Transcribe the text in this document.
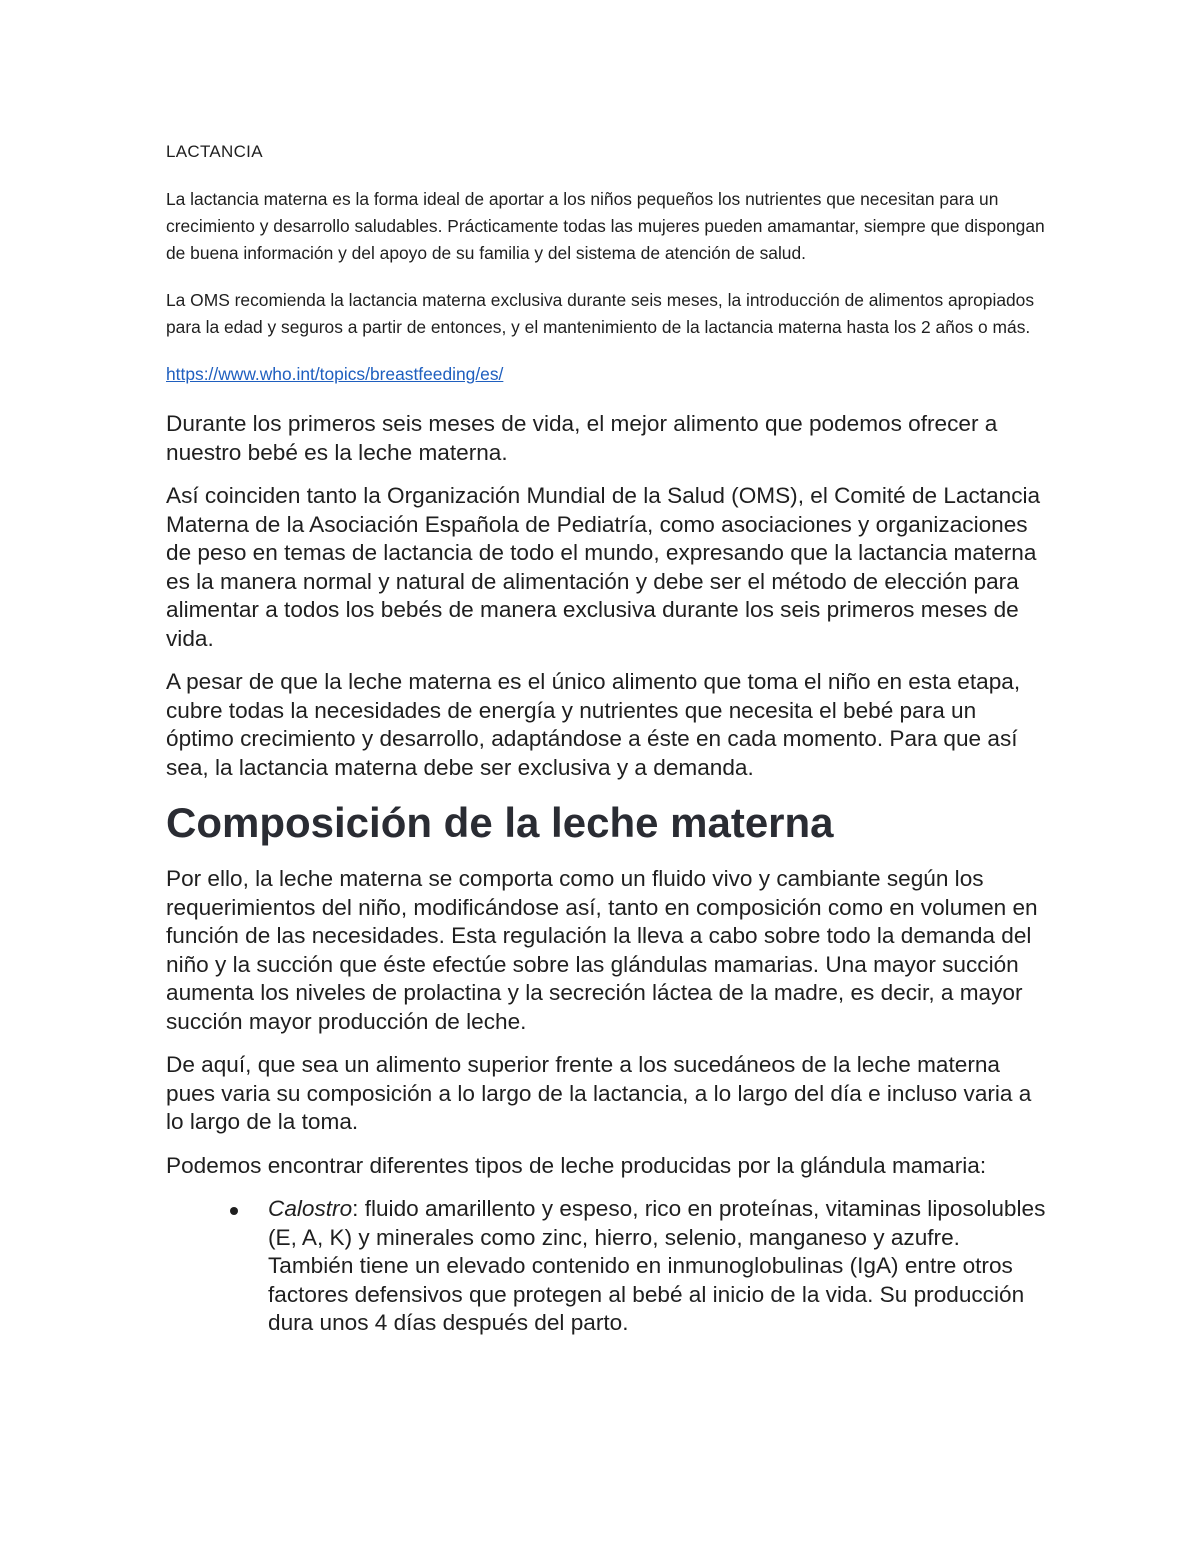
LACTANCIA

La lactancia materna es la forma ideal de aportar a los niños pequeños los nutrientes que necesitan para un crecimiento y desarrollo saludables. Prácticamente todas las mujeres pueden amamantar, siempre que dispongan de buena información y del apoyo de su familia y del sistema de atención de salud.

La OMS recomienda la lactancia materna exclusiva durante seis meses, la introducción de alimentos apropiados para la edad y seguros a partir de entonces, y el mantenimiento de la lactancia materna hasta los 2 años o más.

https://www.who.int/topics/breastfeeding/es/

Durante los primeros seis meses de vida, el mejor alimento que podemos ofrecer a nuestro bebé es la leche materna.

Así coinciden tanto la Organización Mundial de la Salud (OMS), el Comité de Lactancia Materna de la Asociación Española de Pediatría, como asociaciones y organizaciones de peso en temas de lactancia de todo el mundo, expresando que la lactancia materna es la manera normal y natural de alimentación y debe ser el método de elección para alimentar a todos los bebés de manera exclusiva durante los seis primeros meses de vida.

A pesar de que la leche materna es el único alimento que toma el niño en esta etapa, cubre todas la necesidades de energía y nutrientes que necesita el bebé para un óptimo crecimiento y desarrollo, adaptándose a éste en cada momento. Para que así sea, la lactancia materna debe ser exclusiva y a demanda.

Composición de la leche materna

Por ello, la leche materna se comporta como un fluido vivo y cambiante según los requerimientos del niño, modificándose así, tanto en composición como en volumen en función de las necesidades. Esta regulación la lleva a cabo sobre todo la demanda del niño y la succión que éste efectúe sobre las glándulas mamarias. Una mayor succión aumenta los niveles de prolactina y la secreción láctea de la madre, es decir, a mayor succión mayor producción de leche.

De aquí, que sea un alimento superior frente a los sucedáneos de la leche materna pues varia su composición a lo largo de la lactancia, a lo largo del día e incluso varia a lo largo de la toma.

Podemos encontrar diferentes tipos de leche producidas por la glándula mamaria:

Calostro: fluido amarillento y espeso, rico en proteínas, vitaminas liposolubles (E, A, K) y minerales como zinc, hierro, selenio, manganeso y azufre. También tiene un elevado contenido en inmunoglobulinas (IgA) entre otros factores defensivos que protegen al bebé al inicio de la vida. Su producción dura unos 4 días después del parto.
